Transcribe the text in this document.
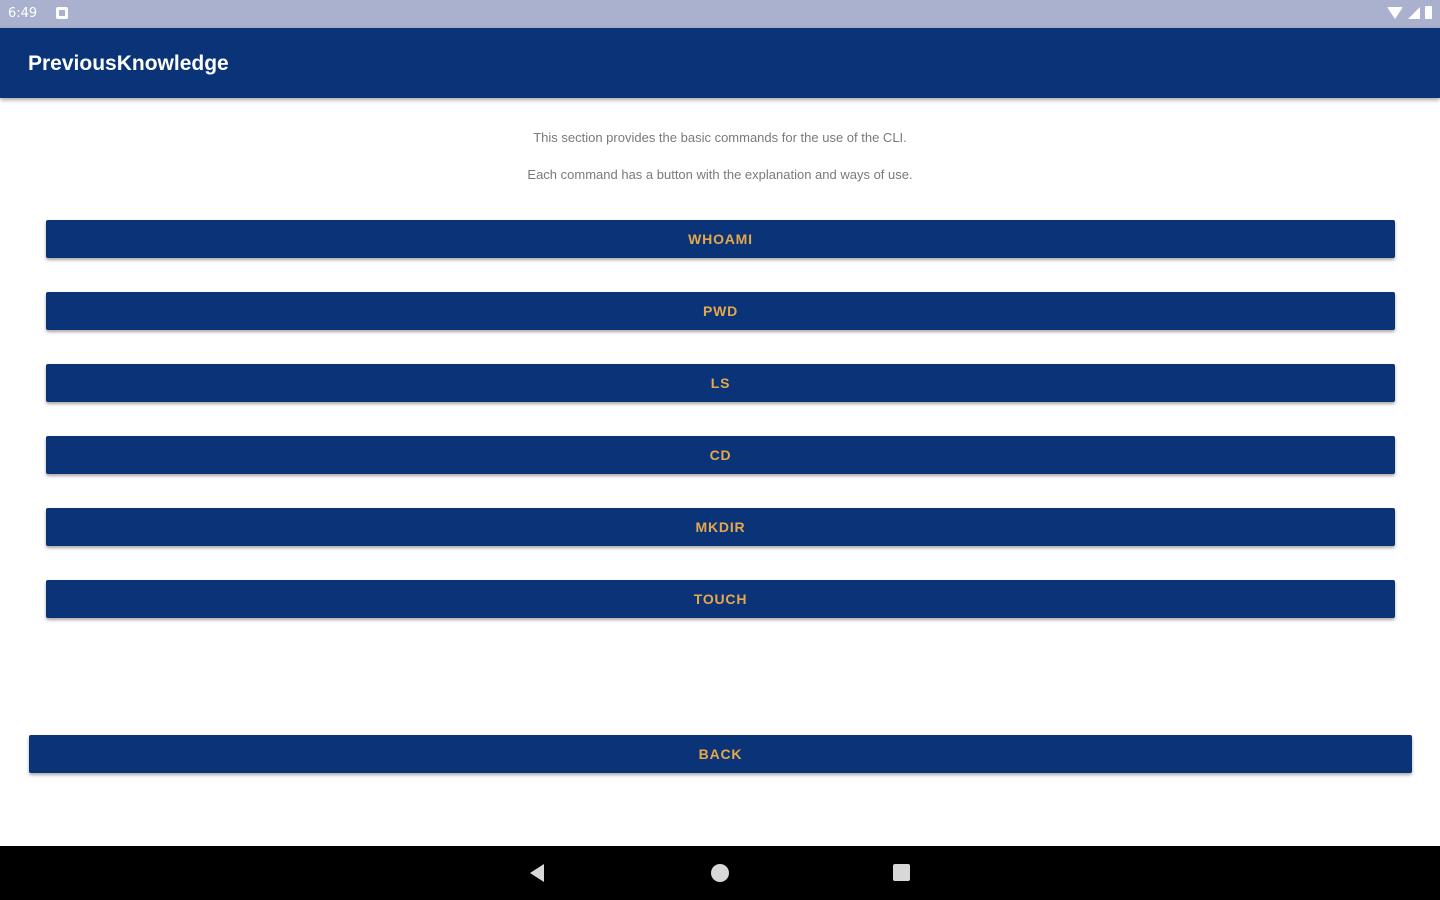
6:49
PreviousKnowledge

This section provides the basic commands for the use of the CLI.

Each command has a button with the explanation and ways of use.

WHOAMI
PWD
LS
CD
MKDIR
TOUCH
BACK
